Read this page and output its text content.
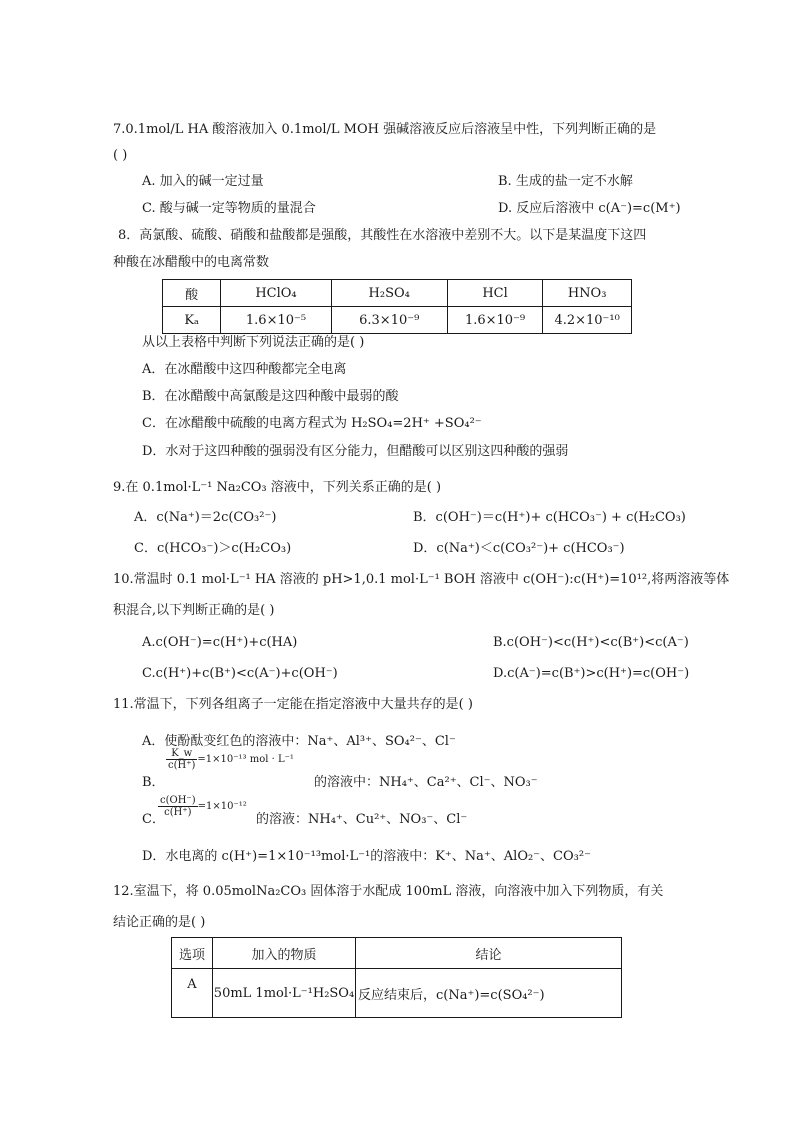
7.0.1mol/L HA 酸溶液加入 0.1mol/L MOH 强碱溶液反应后溶液呈中性，下列判断正确的是
( )
A. 加入的碱一定过量	B. 生成的盐一定不水解
C. 酸与碱一定等物质的量混合	D. 反应后溶液中 c(A⁻)=c(M⁺)
8．高氯酸、硫酸、硝酸和盐酸都是强酸，其酸性在水溶液中差别不大。以下是某温度下这四
种酸在冰醋酸中的电离常数
酸	HClO₄	H₂SO₄	HCl	HNO₃
Kₐ	1.6×10⁻⁵	6.3×10⁻⁹	1.6×10⁻⁹	4.2×10⁻¹⁰
从以上表格中判断下列说法正确的是( )
A．在冰醋酸中这四种酸都完全电离
B．在冰醋酸中高氯酸是这四种酸中最弱的酸
C．在冰醋酸中硫酸的电离方程式为 H₂SO₄=2H⁺ +SO₄²⁻
D．水对于这四种酸的强弱没有区分能力，但醋酸可以区别这四种酸的强弱
9.在 0.1mol·L⁻¹ Na₂CO₃ 溶液中，下列关系正确的是( )
A．c(Na⁺)＝2c(CO₃²⁻)	B．c(OH⁻)＝c(H⁺)+ c(HCO₃⁻) + c(H₂CO₃)
C．c(HCO₃⁻)＞c(H₂CO₃)	D．c(Na⁺)＜c(CO₃²⁻)+ c(HCO₃⁻)
10.常温时 0.1 mol·L⁻¹ HA 溶液的 pH>1,0.1 mol·L⁻¹ BOH 溶液中 c(OH⁻):c(H⁺)=10¹²,将两溶液等体
积混合,以下判断正确的是( )
A.c(OH⁻)=c(H⁺)+c(HA)	B.c(OH⁻)<c(H⁺)<c(B⁺)<c(A⁻)
C.c(H⁺)+c(B⁺)<c(A⁻)+c(OH⁻)	D.c(A⁻)=c(B⁺)>c(H⁺)=c(OH⁻)
11.常温下，下列各组离子一定能在指定溶液中大量共存的是( )
A．使酚酞变红色的溶液中：Na⁺、Al³⁺、SO₄²⁻、Cl⁻
B．
$\frac{K\_w}{c(H^+)} =1\times 10^{-13}$ mol · L⁻¹
的溶液中：NH₄⁺、Ca²⁺、Cl⁻、NO₃⁻
C．
$\frac{c(OH^-)}{c(H^+)} =1\times 10^{-12}$
的溶液：NH₄⁺、Cu²⁺、NO₃⁻、Cl⁻
D．水电离的 c(H⁺)=1×10⁻¹³mol·L⁻¹的溶液中：K⁺、Na⁺、AlO₂⁻、CO₃²⁻
12.室温下，将 0.05molNa₂CO₃ 固体溶于水配成 100mL 溶液，向溶液中加入下列物质，有关
结论正确的是( )
选项	加入的物质	结论
A	50mL 1mol·L⁻¹H₂SO₄	反应结束后，c(Na⁺)=c(SO₄²⁻)
